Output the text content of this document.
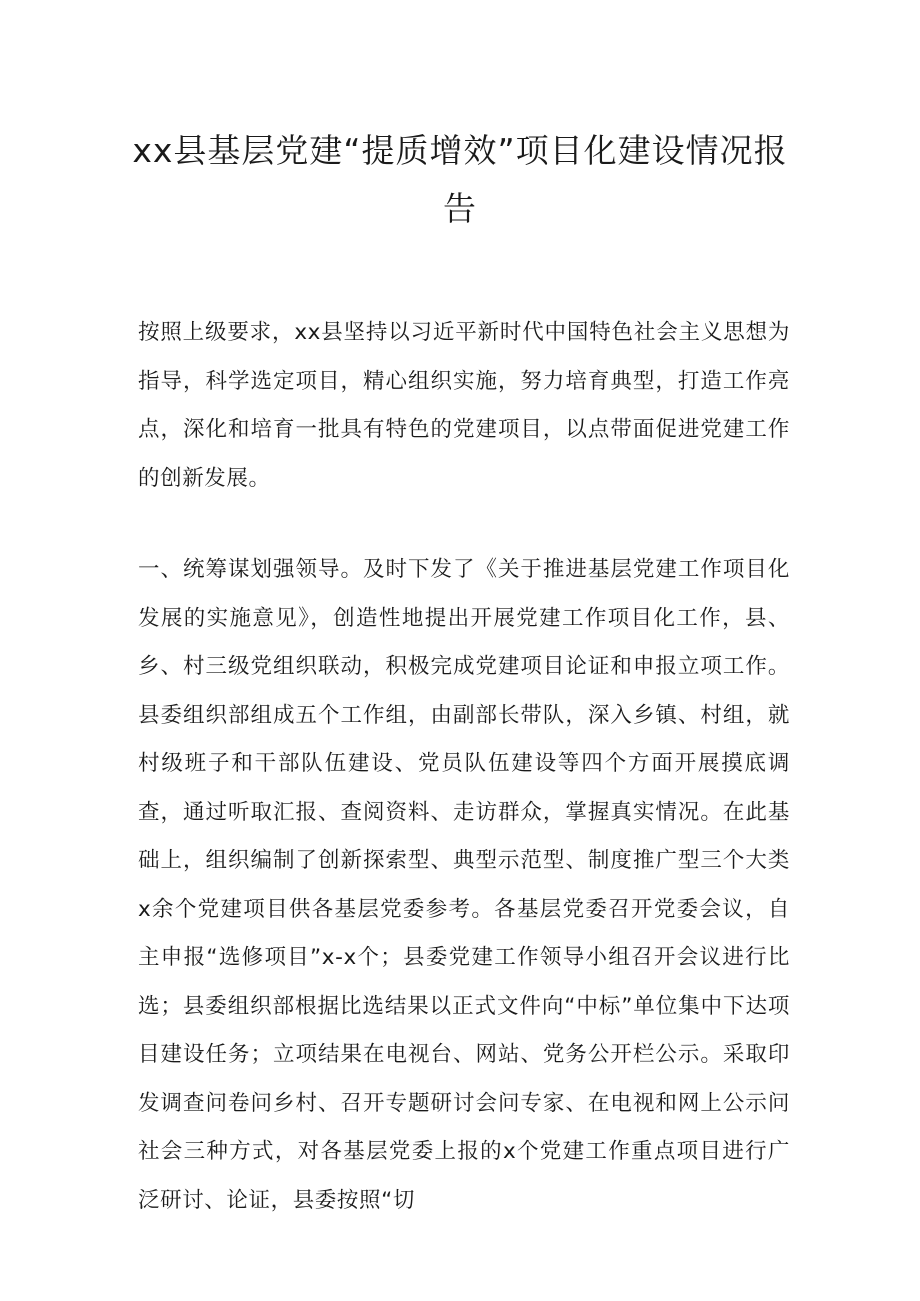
xx县基层党建“提质增效”项目化建设情况报告

按照上级要求，xx县坚持以习近平新时代中国特色社会主义思想为指导，科学选定项目，精心组织实施，努力培育典型，打造工作亮点，深化和培育一批具有特色的党建项目，以点带面促进党建工作的创新发展。

一、统筹谋划强领导。及时下发了《关于推进基层党建工作项目化发展的实施意见》，创造性地提出开展党建工作项目化工作，县、乡、村三级党组织联动，积极完成党建项目论证和申报立项工作。县委组织部组成五个工作组，由副部长带队，深入乡镇、村组，就村级班子和干部队伍建设、党员队伍建设等四个方面开展摸底调查，通过听取汇报、查阅资料、走访群众，掌握真实情况。在此基础上，组织编制了创新探索型、典型示范型、制度推广型三个大类x余个党建项目供各基层党委参考。各基层党委召开党委会议，自主申报“选修项目”x-x个；县委党建工作领导小组召开会议进行比选；县委组织部根据比选结果以正式文件向“中标”单位集中下达项目建设任务；立项结果在电视台、网站、党务公开栏公示。采取印发调查问卷问乡村、召开专题研讨会问专家、在电视和网上公示问社会三种方式，对各基层党委上报的x个党建工作重点项目进行广泛研讨、论证，县委按照“切
